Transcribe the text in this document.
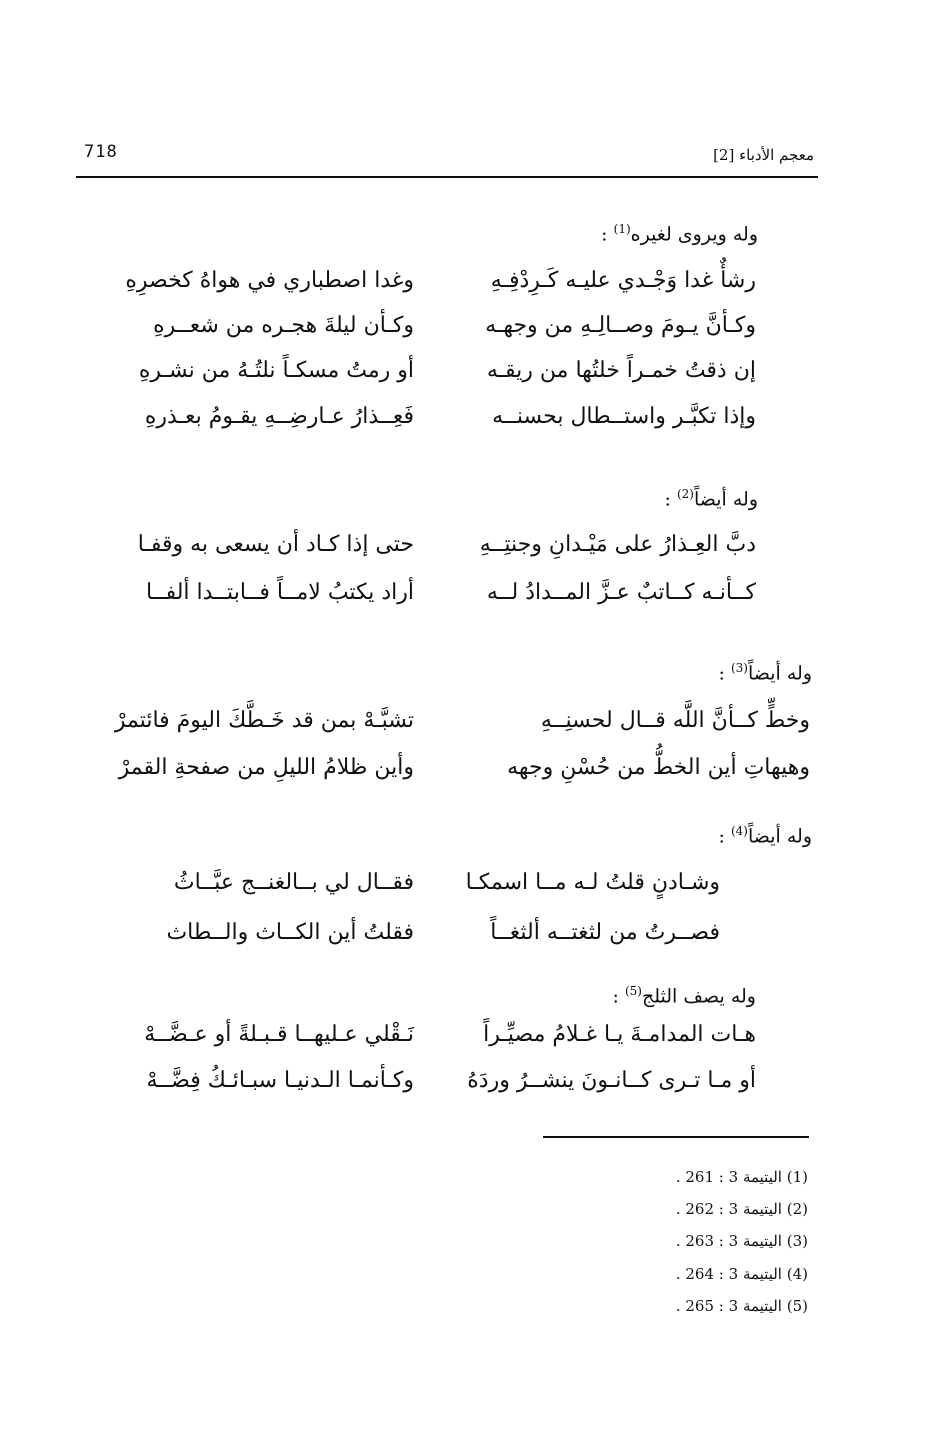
معجم الأدباء [2]
718
وله ويروى لغيره$^{(1)}$ :
رشأٌ غدا وَجْـدي عليـه كَـرِدْفِـهِ
وغدا اصطباري في هواهُ كخصرِهِ
وكـأنَّ يـومَ وصــالِـهِ من وجهـه
وكـأن ليلةَ هجـره من شعــرهِ
إن ذقتُ خمـراً خلتُها من ريقـه
أو رمتُ مسكـاً نلتُـهُ من نشـرهِ
وإذا تكبَّـر واستــطال بحسنــه
فَعِــذارُ عـارضِــهِ يقـومُ بعـذرهِ
وله أيضاً$^{(2)}$ :
دبَّ العِـذارُ على مَيْـدانِ وجنتِــهِ
حتى إذا كـاد أن يسعى به وقفـا
كــأنـه كــاتبٌ عـزَّ المــدادُ لــه
أراد يكتبُ لامــاً فــابتــدا ألفــا
وله أيضاً$^{(3)}$ :
وخطٍّ كــأنَّ اللَّه قــال لحسنِــهِ
تشبَّـهْ بمن قد خَـطَّكَ اليومَ فائتمرْ
وهيهاتِ أين الخطُّ من حُسْنِ وجهه
وأين ظلامُ الليلِ من صفحةِ القمرْ
وله أيضاً$^{(4)}$ :
وشـادنٍ قلتُ لـه مــا اسمكـا
فقــال لي بــالغنــج عبَّــاثُ
فصــرتُ من لثغتــه ألثغــاً
فقلتُ أين الكــاث والــطاث
وله يصف الثلج$^{(5)}$ :
هـات المدامـةَ يـا غـلامُ مصيِّـراً
نَـقْلي عـليهــا قـبـلةً أو عـضَّــهْ
أو مـا تـرى كــانـونَ ينشــرُ وردَهُ
وكـأنمـا الـدنيـا سبـائـكُ فِضَّــهْ
(1) اليتيمة 3 : 261 .
(2) اليتيمة 3 : 262 .
(3) اليتيمة 3 : 263 .
(4) اليتيمة 3 : 264 .
(5) اليتيمة 3 : 265 .
